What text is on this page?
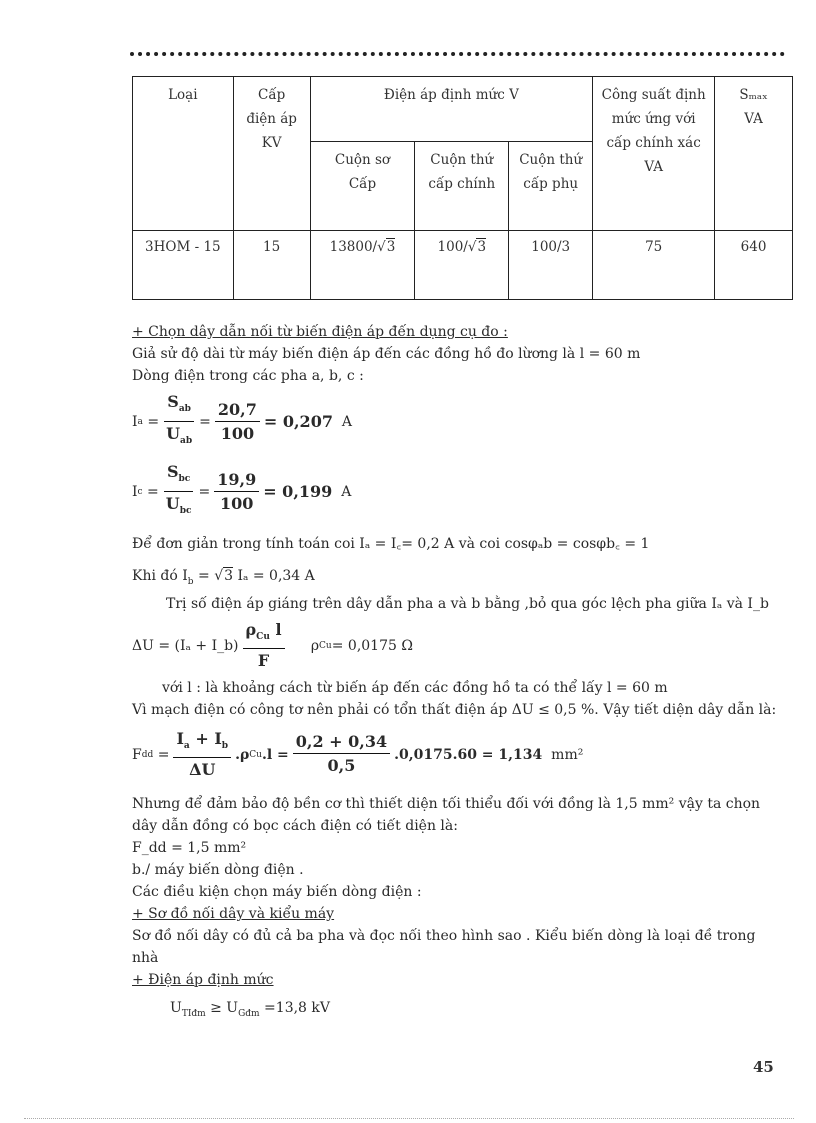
Loại	Cấp điện áp KV	Điện áp định mức V			Công suất định mức ứng với cấp chính xác VA	Sₘₐₓ VA

		Cuộn sơ Cấp	Cuộn thứ cấp chính	Cuộn thứ cấp phụ		

3HOM - 15	15	13800/√3	100/√3	100/3	75	640
+ Chọn dây dẫn nối từ biến điện áp đến dụng cụ đo :
Giả sử độ dài từ máy biến điện áp đến các đồng hồ đo lừơng là l = 60 m
Dòng điện trong các pha a, b, c :
I $a = \frac{S_{ab}}{U_{ab}} = \frac{20,7}{100} = 0,207$
A
I $c = \frac{S_{bc}}{U_{bc}} = \frac{19,9}{100} = 0,199$
A
Để đơn giản trong tính toán coi Iₐ = I꜀= 0,2 A và coi cosφₐb = cosφb꜀ = 1
Khi đó $I_b = √3$ Iₐ = 0,34 A
Trị số điện áp giáng trên dây dẫn pha a và b bằng ,bỏ qua góc lệch pha giữa Iₐ và I_b
ΔU = (Iₐ + I_b) $\frac{\rho_{Cu} l}{F}$
ρ Cu = 0,0175 Ω
với l : là khoảng cách từ biến áp đến các đồng hồ ta có thể lấy l = 60 m
Vì mạch điện có công tơ nên phải có tổn thất điện áp ΔU ≤ 0,5 %. Vậy tiết diện dây dẫn là:
F dd = $\frac{I_a + I_b}{\Delta U} .\rho$ Cu $.l = \frac{0,2 + 0,34}{0,5} .0,0175.60 = 1,134$
mm²
Nhưng để đảm bảo độ bền cơ thì thiết diện tối thiểu đối với đồng là 1,5 mm² vậy ta chọn dây dẫn đồng có bọc cách điện có tiết diện là:
F_dd = 1,5 mm²
b./ máy biến dòng điện .
Các điều kiện chọn máy biến dòng điện :
+ Sơ đồ nối dây và kiểu máy
Sơ đồ nối dây có đủ cả ba pha và đọc nối theo hình sao . Kiểu biến dòng là loại đề trong nhà
+ Điện áp định mức
$U_{TIđm} \ge U_{Gđm} =13,8$ kV
45
